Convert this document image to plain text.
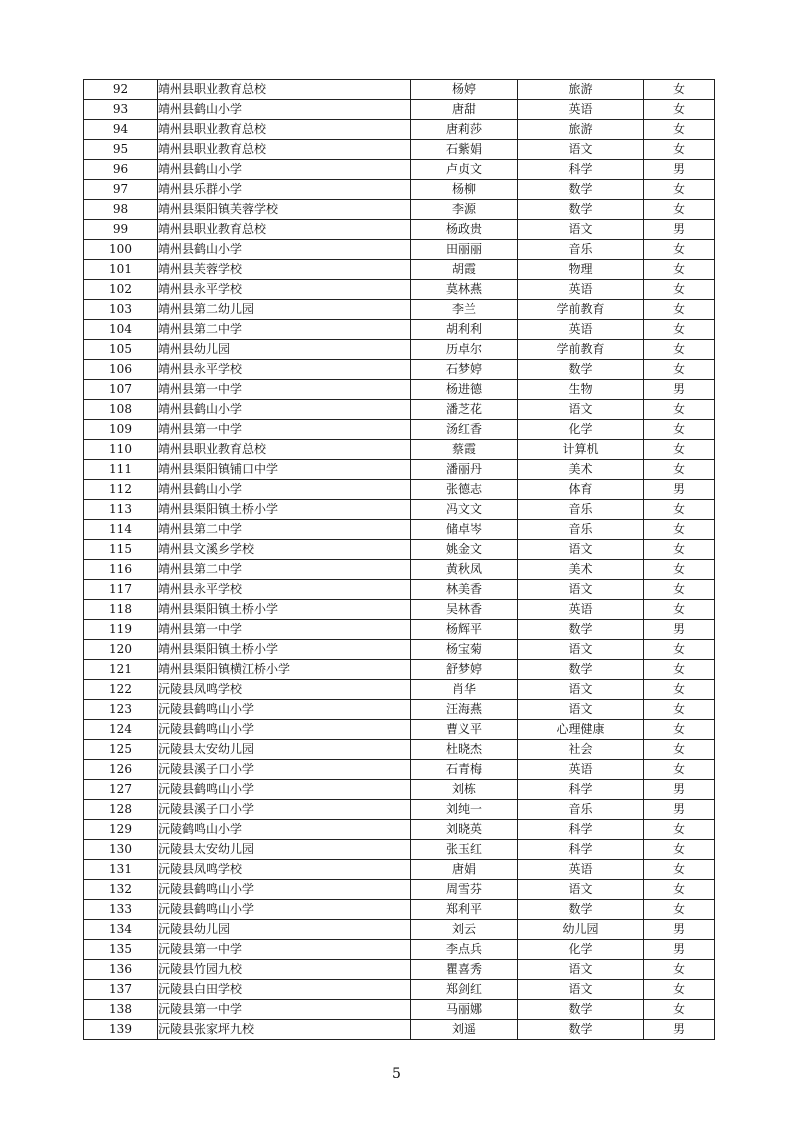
92	靖州县职业教育总校	杨婷	旅游	女
93	靖州县鹤山小学	唐甜	英语	女
94	靖州县职业教育总校	唐莉莎	旅游	女
95	靖州县职业教育总校	石紫娟	语文	女
96	靖州县鹤山小学	卢贞文	科学	男
97	靖州县乐群小学	杨柳	数学	女
98	靖州县渠阳镇芙蓉学校	李源	数学	女
99	靖州县职业教育总校	杨政贵	语文	男
100	靖州县鹤山小学	田丽丽	音乐	女
101	靖州县芙蓉学校	胡霞	物理	女
102	靖州县永平学校	莫林燕	英语	女
103	靖州县第二幼儿园	李兰	学前教育	女
104	靖州县第二中学	胡利利	英语	女
105	靖州县幼儿园	历卓尔	学前教育	女
106	靖州县永平学校	石梦婷	数学	女
107	靖州县第一中学	杨进德	生物	男
108	靖州县鹤山小学	潘芝花	语文	女
109	靖州县第一中学	汤红香	化学	女
110	靖州县职业教育总校	蔡霞	计算机	女
111	靖州县渠阳镇铺口中学	潘丽丹	美术	女
112	靖州县鹤山小学	张德志	体育	男
113	靖州县渠阳镇土桥小学	冯文文	音乐	女
114	靖州县第二中学	储卓岑	音乐	女
115	靖州县文溪乡学校	姚金文	语文	女
116	靖州县第二中学	黄秋凤	美术	女
117	靖州县永平学校	林美香	语文	女
118	靖州县渠阳镇土桥小学	吴林香	英语	女
119	靖州县第一中学	杨辉平	数学	男
120	靖州县渠阳镇土桥小学	杨宝菊	语文	女
121	靖州县渠阳镇横江桥小学	舒梦婷	数学	女
122	沅陵县凤鸣学校	肖华	语文	女
123	沅陵县鹤鸣山小学	汪海燕	语文	女
124	沅陵县鹤鸣山小学	曹义平	心理健康	女
125	沅陵县太安幼儿园	杜晓杰	社会	女
126	沅陵县溪子口小学	石青梅	英语	女
127	沅陵县鹤鸣山小学	刘栋	科学	男
128	沅陵县溪子口小学	刘纯一	音乐	男
129	沅陵鹤鸣山小学	刘晓英	科学	女
130	沅陵县太安幼儿园	张玉红	科学	女
131	沅陵县凤鸣学校	唐娟	英语	女
132	沅陵县鹤鸣山小学	周雪芬	语文	女
133	沅陵县鹤鸣山小学	郑利平	数学	女
134	沅陵县幼儿园	刘云	幼儿园	男
135	沅陵县第一中学	李点兵	化学	男
136	沅陵县竹园九校	瞿喜秀	语文	女
137	沅陵县白田学校	郑剑红	语文	女
138	沅陵县第一中学	马丽娜	数学	女
139	沅陵县张家坪九校	刘遥	数学	男
5
